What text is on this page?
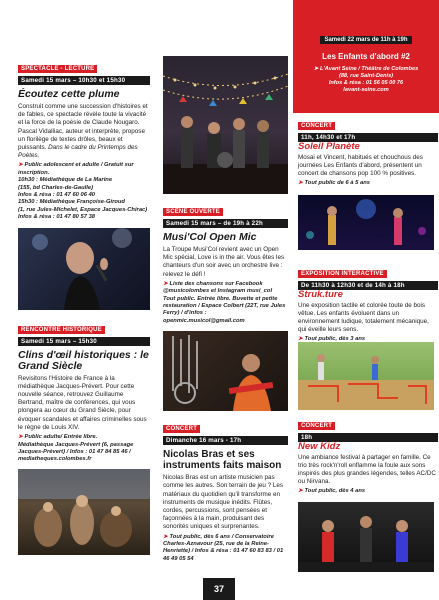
SPECTACLE - LECTURE
Samedi 15 mars – 10h30 et 15h30
Écoutez cette plume

Construit comme une succession d'histoires et de fables, ce spectacle révèle toute la vivacité et la force de la poésie de Claude Nougaro. Pascal Vidalliac, auteur et interprète, propose un florilège de textes drôles, beaux et puissants. Dans le cadre du Printemps des Poètes.

➤ Public adolescent et adulte / Gratuit sur inscription.
10h30 : Médiathèque de La Marine
(155, bd Charles-de-Gaulle)
Infos & résa : 01 47 60 06 40
15h30 : Médiathèque Françoise-Giroud
(1, rue Jules-Michelet, Espace Jacques-Chirac)
Infos & résa : 01 47 80 57 38
RENCONTRE HISTORIQUE
Samedi 15 mars – 15h30
Clins d'œil historiques : le Grand Siècle

Revisitons l'Histoire de France à la médiathèque Jacques-Prévert. Pour cette nouvelle séance, retrouvez Guillaume Bertrand, maître de conférences, qui vous plongera au cœur du Grand Siècle, pour évoquer scandales et affaires criminelles sous le règne de Louis XIV.

➤ Public adulte/ Entrée libre.
Médiathèque Jacques-Prévert (6, passage Jacques-Prévert) / Infos : 01 47 84 85 46 / mediatheques.colombes.fr
SCÈNE OUVERTE
Samedi 15 mars – de 19h à 22h
Musi'Col Open Mic

La Troupe Musi'Col revient avec un Open Mic spécial, Love is in the air. Vous êtes les chanteurs d'un soir avec un orchestre live : relevez le défi !

➤ Liste des chansons sur Facebook @musicolombes et Instagram musi_col
Tout public. Entrée libre. Buvette et petite restauration / Espace Colbert (22T, rue Jules Ferry) / d'infos : openmic.musicol@gmail.com
CONCERT
Dimanche 16 mars - 17h
Nicolas Bras et ses instruments faits maison

Nicolas Bras est un artiste musicien pas comme les autres. Son terrain de jeu ? Les matériaux du quotidien qu'il transforme en instruments de musique inédits. Flûtes, cordes, percussions, sont pensées et façonnées à la main, produisant des sonorités uniques et surprenantes.

➤ Tout public, dès 6 ans / Conservatoire Charles-Aznavour (25, rue de la Reine-Henriette) / Infos & résa : 01 47 60 83 83 / 01 46 49 05 54
Samedi 22 mars de 11h à 19h
Les Enfants d'abord #2
➤ L'Avant Seine / Théâtre de Colombes
(88, rue Saint-Denis)
Infos & résa : 01 56 05 00 76
lavant-seine.com
CONCERT
11h, 14h30 et 17h
Soleil Planète

Mosai et Vincent, habitués et chouchous des journées Les Enfants d'abord, présentent un concert de chansons pop 100 % positives.

➤ Tout public de 6 à 5 ans
EXPOSITION INTERACTIVE
De 11h30 à 12h30 et de 14h à 18h
Struk.ture

Une exposition tactile et colorée toute de bois vêtue. Les enfants évoluent dans un environnement ludique, totalement mécanique, qui éveille leurs sens.

➤ Tout public, dès 3 ans
CONCERT
18h
New Kidz

Une ambiance festival à partager en famille. Ce trio très rock'n'roll enflamme la foule aux sons inspirés des plus grandes légendes, telles AC/DC ou Nirvana.

➤ Tout public, dès 4 ans
37
